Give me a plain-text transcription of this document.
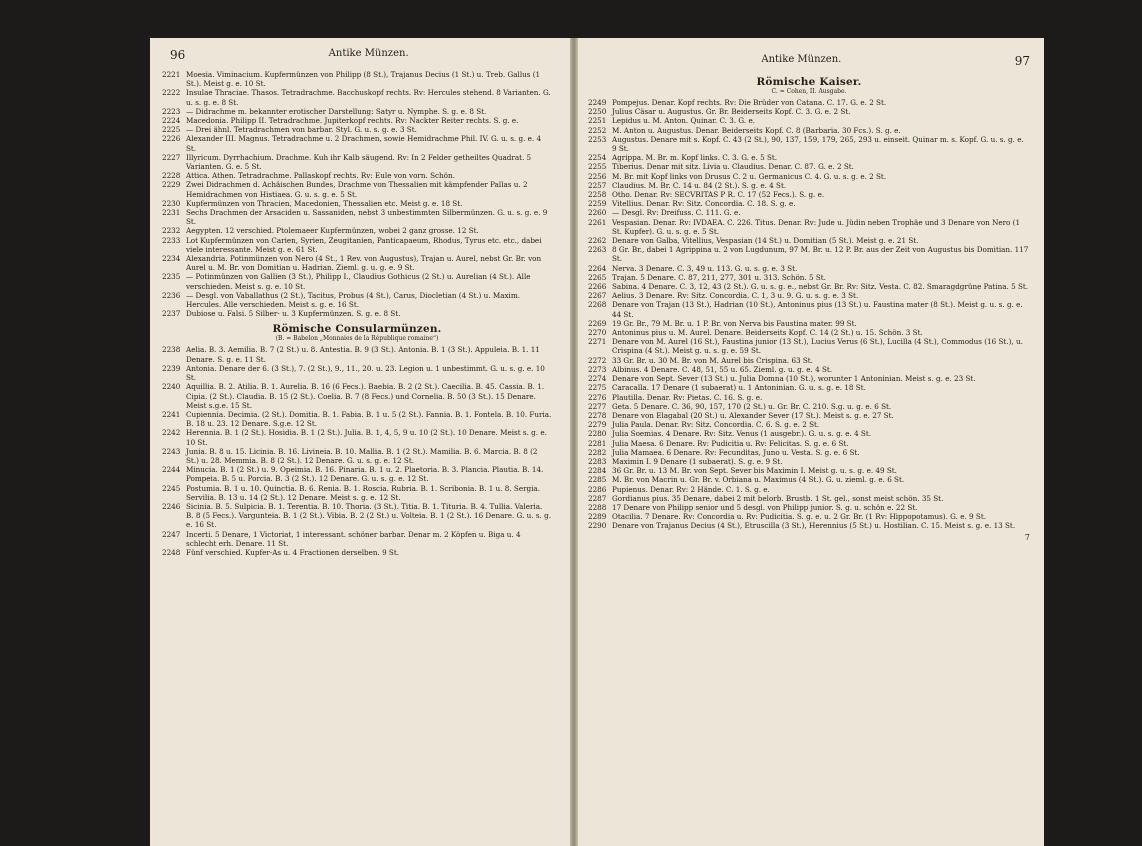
96	Antike Münzen.
2221 Moesia. Viminacium. Kupfermünzen von Philipp (8 St.), Trajanus Decius (1 St.) u. Treb. Gallus (1 St.). Meist g. e. 10 St.
2222 Insulae Thraciae. Thasos. Tetradrachme. Bacchuskopf rechts. Rv: Hercules stehend. 8 Varianten. G. u. s. g. e. 8 St.
2223 — Didrachme m. bekannter erotischer Darstellung: Satyr u. Nymphe. S. g. e. 8 St.
2224 Macedonia. Philipp II. Tetradrachme. Jupiterkopf rechts. Rv: Nackter Reiter rechts. S. g. e.
2225 — Drei ähnl. Tetradrachmen von barbar. Styl. G. u. s. g. e. 3 St.
2226 Alexander III. Magnus. Tetradrachme u. 2 Drachmen, sowie Hemidrachme Phil. IV. G. u. s. g. e. 4 St.
2227 Illyricum. Dyrrhachium. Drachme. Kuh ihr Kalb säugend. Rv: In 2 Felder getheiltes Quadrat. 5 Varianten. G. e. 5 St.
2228 Attica. Athen. Tetradrachme. Pallaskopf rechts. Rv: Eule von vorn. Schön.
2229 Zwei Didrachmen d. Achäischen Bundes, Drachme von Thessalien mit kämpfender Pallas u. 2 Hemidrachmen von Histiaea. G. u. s. g. e. 5 St.
2230 Kupfermünzen von Thracien, Macedonien, Thessalien etc. Meist g. e. 18 St.
2231 Sechs Drachmen der Arsaciden u. Sassaniden, nebst 3 unbestimmten Silbermünzen. G. u. s. g. e. 9 St.
2232 Aegypten. 12 verschied. Ptolemaeer Kupfermünzen, wobei 2 ganz grosse. 12 St.
2233 Lot Kupfermünzen von Carien, Syrien, Zeugitanien, Panticapaeum, Rhodus, Tyrus etc. etc., dabei viele interessante. Meist g. e. 61 St.
2234 Alexandria. Potinmünzen von Nero (4 St., 1 Rev. von Augustus), Trajan u. Aurel, nebst Gr. Br. von Aurel u. M. Br. von Domitian u. Hadrian. Zieml. g. u. g. e. 9 St.
2235 — Potinmünzen von Gallien (3 St.), Philipp I., Claudius Gothicus (2 St.) u. Aurelian (4 St.). Alle verschieden. Meist s. g. e. 10 St.
2236 — Desgl. von Vaballathus (2 St.), Tacitus, Probus (4 St.), Carus, Diocletian (4 St.) u. Maxim. Hercules. Alle verschieden. Meist s. g. e. 16 St.
2237 Dubiose u. Falsi. 5 Silber- u. 3 Kupfermünzen. S. g. e. 8 St.
Römische Consularmünzen.
(B. = Babelon „Monnaies de la République romaine“)
2238 Aelia. B. 3. Aemilia. B. 7 (2 St.) u. 8. Antestia. B. 9 (3 St.). Antonia. B. 1 (3 St.). Appuleia. B. 1. 11 Denare. S. g. e. 11 St.
2239 Antonia. Denare der 6. (3 St.), 7. (2 St.), 9., 11., 20. u. 23. Legion u. 1 unbestimmt. G. u. s. g. e. 10 St.
2240 Aquillia. B. 2. Atilia. B. 1. Aurelia. B. 16 (6 Fecs.). Baebia. B. 2 (2 St.). Caecilia. B. 45. Cassia. B. 1. Cipia. (2 St.). Claudia. B. 15 (2 St.). Coelia. B. 7 (8 Fecs.) und Cornelia. B. 50 (3 St.). 15 Denare. Meist s.g.e. 15 St.
2241 Cupiennia. Decimia. (2 St.). Domitia. B. 1. Fabia. B. 1 u. 5 (2 St.). Fannia. B. 1. Fontela. B. 10. Furia. B. 18 u. 23. 12 Denare. S.g.e. 12 St.
2242 Herennia. B. 1 (2 St.). Hosidia. B. 1 (2 St.). Julia. B. 1, 4, 5, 9 u. 10 (2 St.). 10 Denare. Meist s. g. e. 10 St.
2243 Junia. B. 8 u. 15. Licinia. B. 16. Livineia. B. 10. Mallia. B. 1 (2 St.). Mamilia. B. 6. Marcia. B. 8 (2 St.) u. 28. Memmia. B. 8 (2 St.). 12 Denare. G. u. s. g. e. 12 St.
2244 Minucia. B. 1 (2 St.) u. 9. Opeimia. B. 16. Pinaria. B. 1 u. 2. Plaetoria. B. 3. Plancia. Plautia. B. 14. Pompeia. B. 5 u. Porcia. B. 3 (2 St.). 12 Denare. G. u. s. g. e. 12 St.
2245 Postumia. B. 1 u. 10. Quinctia. B. 6. Renia. B. 1. Roscia. Rubria. B. 1. Scribonia. B. 1 u. 8. Sergia. Servilia. B. 13 u. 14 (2 St.). 12 Denare. Meist s. g. e. 12 St.
2246 Sicinia. B. 5. Sulpicia. B. 1. Terentia. B. 10. Thoria. (3 St.). Titia. B. 1. Tituria. B. 4. Tullia. Valeria. B. 8 (5 Fecs.). Vargunteia. B. 1 (2 St.). Vibia. B. 2 (2 St.) u. Volteia. B. 1 (2 St.). 16 Denare. G. u. s. g. e. 16 St.
2247 Incerti. 5 Denare, 1 Victoriat, 1 interessant. schöner barbar. Denar m. 2 Köpfen u. Biga u. 4 schlecht erh. Denare. 11 St.
2248 Fünf verschied. Kupfer-As u. 4 Fractionen derselben. 9 St.
Antike Münzen.	97
Römische Kaiser.
C. = Cohen, II. Ausgabe.
2249 Pompejus. Denar. Kopf rechts. Rv: Die Brüder von Catana. C. 17. G. e. 2 St.
2250 Julius Cäsar u. Augustus. Gr. Br. Beiderseits Kopf. C. 3. G. e. 2 St.
2251 Lepidus u. M. Anton. Quinar. C. 3. G. e.
2252 M. Anton u. Augustus. Denar. Beiderseits Kopf. C. 8 (Barbaria. 30 Fcs.). S. g. e.
2253 Augustus. Denare mit s. Kopf. C. 43 (2 St.), 90, 137, 159, 179, 265, 293 u. einseit. Quinar m. s. Kopf. G. u. s. g. e. 9 St.
2254 Agrippa. M. Br. m. Kopf links. C. 3. G. e. 5 St.
2255 Tiberius. Denar mit sitz. Livia u. Claudius. Denar. C. 87. G. e. 2 St.
2256 M. Br. mit Kopf links von Drusus C. 2 u. Germanicus C. 4. G. u. s. g. e. 2 St.
2257 Claudius. M. Br. C. 14 u. 84 (2 St.). S. g. e. 4 St.
2258 Otho. Denar. Rv: SECVRITAS P R. C. 17 (52 Fecs.). S. g. e.
2259 Vitellius. Denar. Rv: Sitz. Concordia. C. 18. S. g. e.
2260 — Desgl. Rv: Dreifuss. C. 111. G. e.
2261 Vespasian. Denar. Rv: IVDAEA. C. 226. Titus. Denar. Rv: Jude u. Jüdin neben Trophäe und 3 Denare von Nero (1 St. Kupfer). G. u. s. g. e. 5 St.
2262 Denare von Galba, Vitellius, Vespasian (14 St.) u. Domitian (5 St.). Meist g. e. 21 St.
2263 8 Gr. Br., dabei 1 Agrippina u. 2 von Lugdunum, 97 M. Br. u. 12 P. Br. aus der Zeit von Augustus bis Domitian. 117 St.
2264 Nerva. 3 Denare. C. 3, 49 u. 113. G. u. s. g. e. 3 St.
2265 Trajan. 5 Denare. C. 87, 211, 277, 301 u. 313. Schön. 5 St.
2266 Sabina. 4 Denare. C. 3, 12, 43 (2 St.). G. u. s. g. e., nebst Gr. Br. Rv: Sitz. Vesta. C. 82. Smaragdgrüne Patina. 5 St.
2267 Aelius. 3 Denare. Rv: Sitz. Concordia. C. 1, 3 u. 9. G. u. s. g. e. 3 St.
2268 Denare von Trajan (13 St.), Hadrian (10 St.), Antoninus pius (13 St.) u. Faustina mater (8 St.). Meist g. u. s. g. e. 44 St.
2269 19 Gr. Br., 79 M. Br. u. 1 P. Br. von Nerva bis Faustina mater. 99 St.
2270 Antoninus pius u. M. Aurel. Denare. Beiderseits Kopf. C. 14 (2 St.) u. 15. Schön. 3 St.
2271 Denare von M. Aurel (16 St.), Faustina junior (13 St.), Lucius Verus (6 St.), Lucilla (4 St.), Commodus (16 St.), u. Crispina (4 St.). Meist g. u. s. g. e. 59 St.
2272 33 Gr. Br. u. 30 M. Br. von M. Aurel bis Crispina. 63 St.
2273 Albinus. 4 Denare. C. 48, 51, 55 u. 65. Zieml. g. u. g. e. 4 St.
2274 Denare von Sept. Sever (13 St.) u. Julia Domna (10 St.), worunter 1 Antoninian. Meist s. g. e. 23 St.
2275 Caracalla. 17 Denare (1 subaerat) u. 1 Antoninian. G. u. s. g. e. 18 St.
2276 Plautilla. Denar. Rv: Pietas. C. 16. S. g. e.
2277 Geta. 5 Denare. C. 36, 90, 157, 170 (2 St.) u. Gr. Br. C. 210. S.g. u. g. e. 6 St.
2278 Denare von Elagabal (20 St.) u. Alexander Sever (17 St.). Meist s. g. e. 27 St.
2279 Julia Paula. Denar. Rv: Sitz. Concordia. C. 6. S. g. e. 2 St.
2280 Julia Soemias. 4 Denare. Rv: Sitz. Venus (1 ausgebr.). G. u. s. g. e. 4 St.
2281 Julia Maesa. 6 Denare. Rv: Pudicitia u. Rv: Felicitas. S. g. e. 6 St.
2282 Julia Mamaea. 6 Denare. Rv: Fecunditas, Juno u. Vesta. S. g. e. 6 St.
2283 Maximin I. 9 Denare (1 subaerat). S. g. e. 9 St.
2284 36 Gr. Br. u. 13 M. Br. von Sept. Sever bis Maximin I. Meist g. u. s. g. e. 49 St.
2285 M. Br. von Macrin u. Gr. Br. v. Orbiana u. Maximus (4 St.). G. u. zieml. g. e. 6 St.
2286 Pupienus. Denar. Rv: 2 Hände. C. 1. S. g. e.
2287 Gordianus pius. 35 Denare, dabei 2 mit belorb. Brustb. 1 St. gel., sonst meist schön. 35 St.
2288 17 Denare von Philipp senior und 5 desgl. von Philipp junior. S. g. u. schön e. 22 St.
2289 Otacilia. 7 Denare. Rv: Concordia u. Rv: Pudicitia. S. g. e. u. 2 Gr. Br. (1 Rv: Hippopotamus). G. e. 9 St.
2290 Denare von Trajanus Decius (4 St.), Etruscilla (3 St.), Herennius (5 St.) u. Hostilian. C. 15. Meist s. g. e. 13 St.
7
